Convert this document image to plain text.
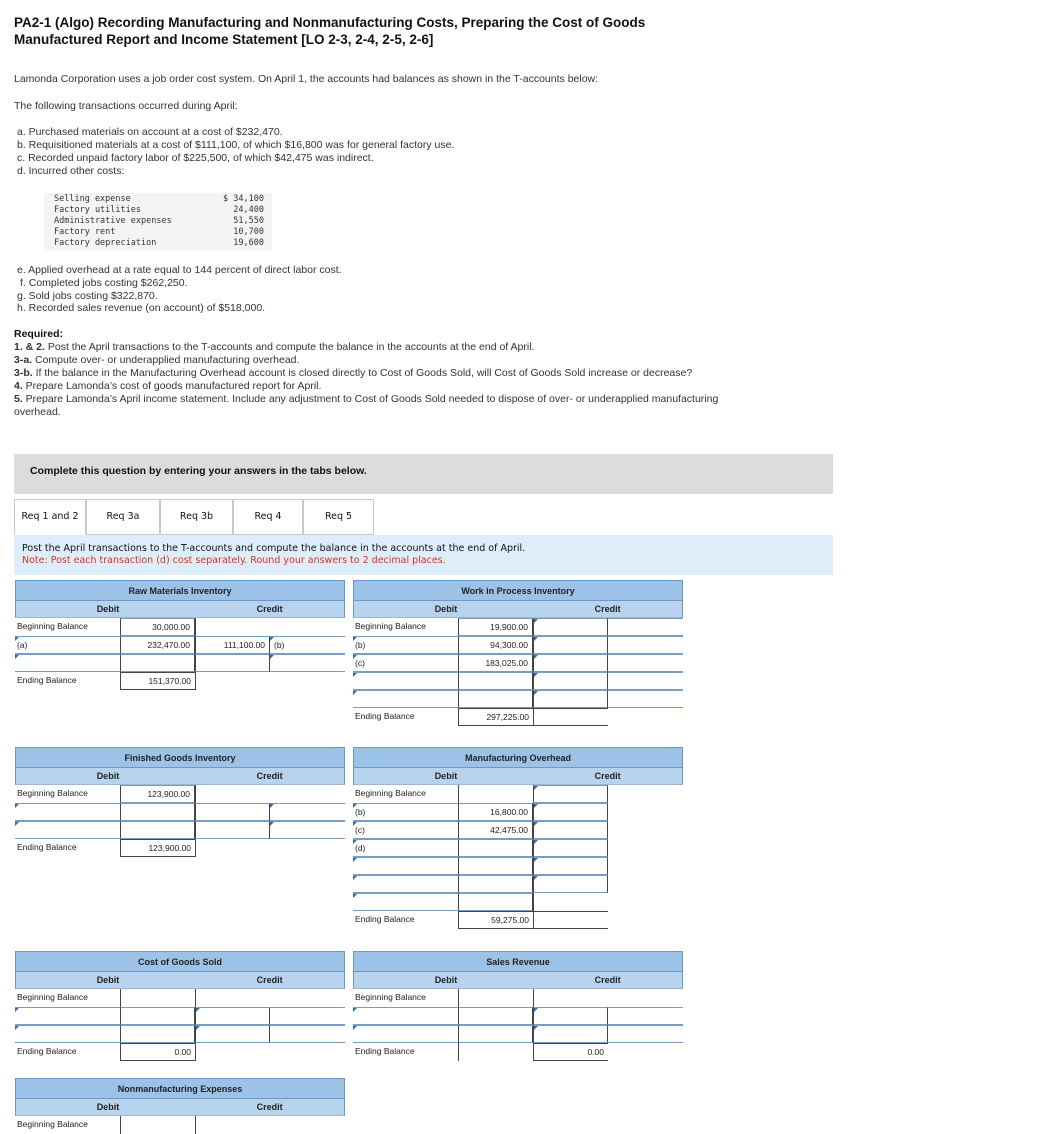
PA2-1 (Algo) Recording Manufacturing and Nonmanufacturing Costs, Preparing the Cost of Goods Manufactured Report and Income Statement [LO 2-3, 2-4, 2-5, 2-6]
Lamonda Corporation uses a job order cost system. On April 1, the accounts had balances as shown in the T-accounts below:
The following transactions occurred during April:
a. Purchased materials on account at a cost of $232,470.
b. Requisitioned materials at a cost of $111,100, of which $16,800 was for general factory use.
c. Recorded unpaid factory labor of $225,500, of which $42,475 was indirect.
d. Incurred other costs:
Selling expense	$ 34,100
Factory utilities	24,400
Administrative expenses	51,550
Factory rent	10,700
Factory depreciation	19,600
e. Applied overhead at a rate equal to 144 percent of direct labor cost.
f. Completed jobs costing $262,250.
g. Sold jobs costing $322,870.
h. Recorded sales revenue (on account) of $518,000.
Required:
1. & 2. Post the April transactions to the T-accounts and compute the balance in the accounts at the end of April.
3-a. Compute over- or underapplied manufacturing overhead.
3-b. If the balance in the Manufacturing Overhead account is closed directly to Cost of Goods Sold, will Cost of Goods Sold increase or decrease?
4. Prepare Lamonda’s cost of goods manufactured report for April.
5. Prepare Lamonda’s April income statement. Include any adjustment to Cost of Goods Sold needed to dispose of over- or underapplied manufacturing overhead.
Complete this question by entering your answers in the tabs below.
Req 1 and 2	Req 3a	Req 3b	Req 4	Req 5
Post the April transactions to the T-accounts and compute the balance in the accounts at the end of April.
Note: Post each transaction (d) cost separately. Round your answers to 2 decimal places.
Raw Materials Inventory
Debit	Credit
Beginning Balance	30,000.00
(a)	232,470.00	111,100.00	(b)
Ending Balance	151,370.00
Work in Process Inventory
Debit	Credit
Beginning Balance	19,900.00
(b)	94,300.00
(c)	183,025.00
Ending Balance	297,225.00
Finished Goods Inventory
Debit	Credit
Beginning Balance	123,900.00
Ending Balance	123,900.00
Manufacturing Overhead
Debit	Credit
Beginning Balance
(b)	16,800.00
(c)	42,475.00
(d)
Ending Balance	59,275.00
Cost of Goods Sold
Debit	Credit
Beginning Balance
Ending Balance	0.00
Sales Revenue
Debit	Credit
Beginning Balance
Ending Balance	0.00
Nonmanufacturing Expenses
Debit	Credit
Beginning Balance
